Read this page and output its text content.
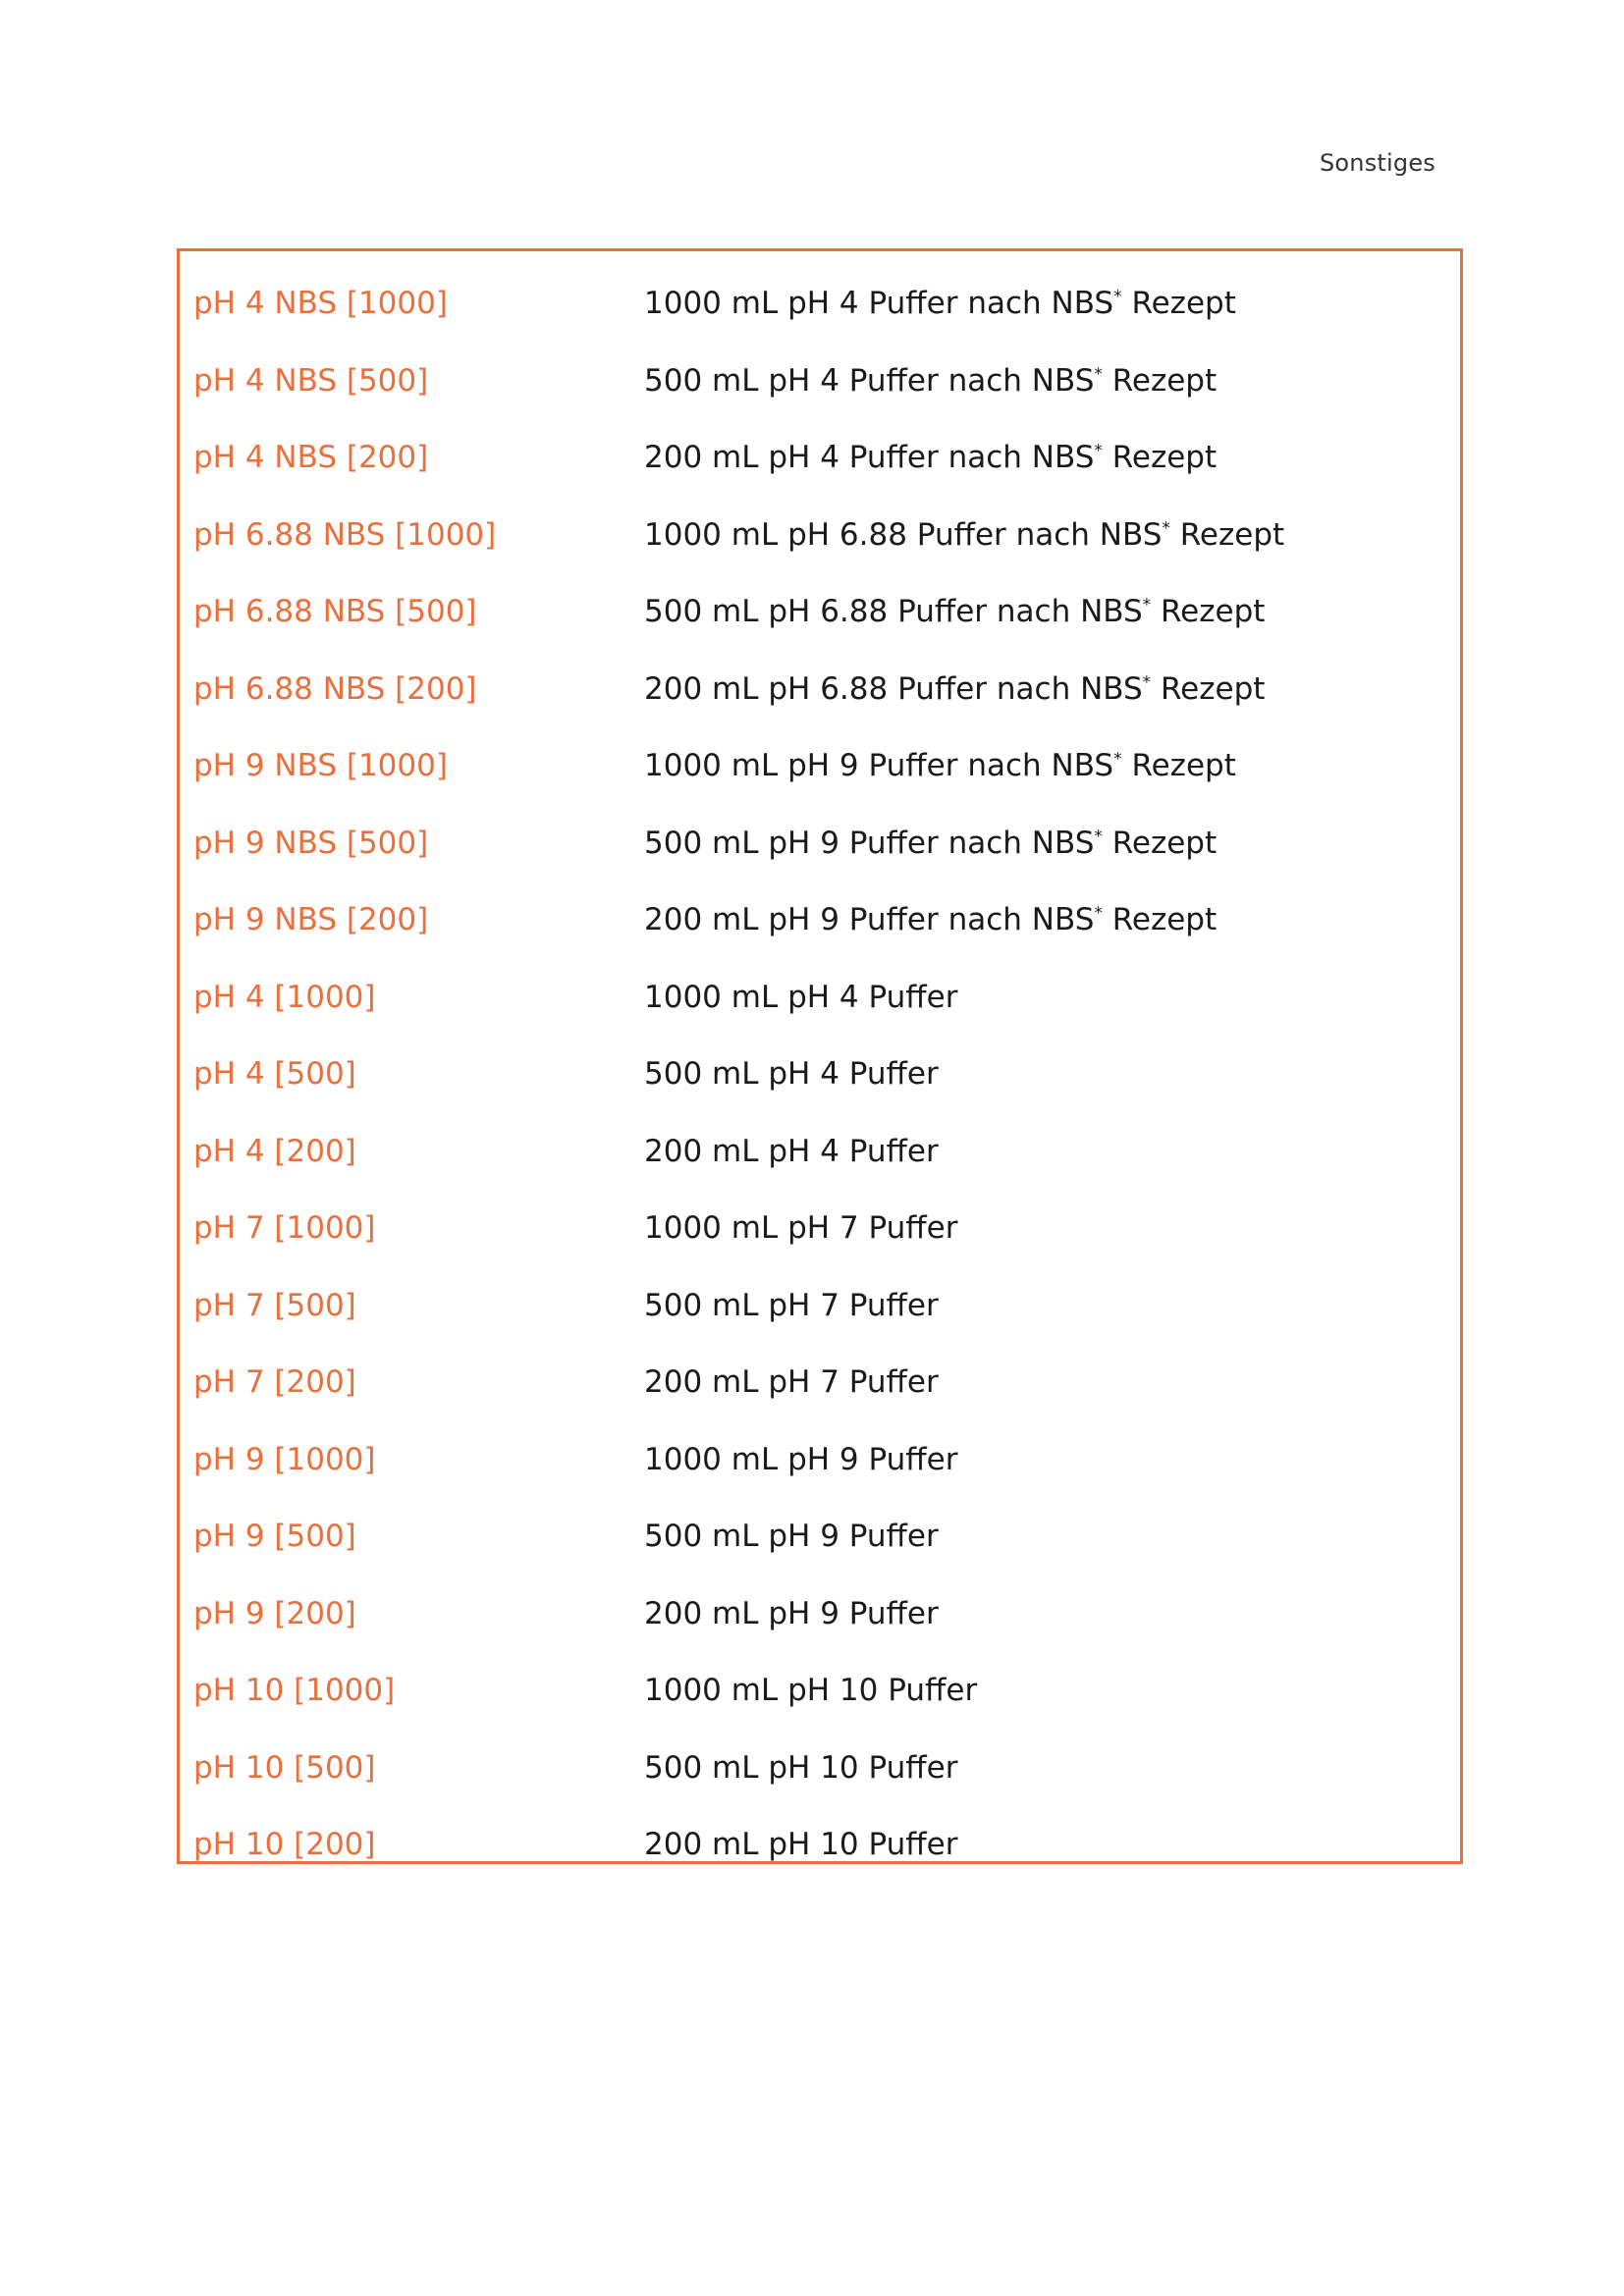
Sonstiges
pH 4 NBS [1000]	1000 mL pH 4 Puffer nach NBS* Rezept
pH 4 NBS [500]	500 mL pH 4 Puffer nach NBS* Rezept
pH 4 NBS [200]	200 mL pH 4 Puffer nach NBS* Rezept
pH 6.88 NBS [1000]	1000 mL pH 6.88 Puffer nach NBS* Rezept
pH 6.88 NBS [500]	500 mL pH 6.88 Puffer nach NBS* Rezept
pH 6.88 NBS [200]	200 mL pH 6.88 Puffer nach NBS* Rezept
pH 9 NBS [1000]	1000 mL pH 9 Puffer nach NBS* Rezept
pH 9 NBS [500]	500 mL pH 9 Puffer nach NBS* Rezept
pH 9 NBS [200]	200 mL pH 9 Puffer nach NBS* Rezept
pH 4 [1000]	1000 mL pH 4 Puffer
pH 4 [500]	500 mL pH 4 Puffer
pH 4 [200]	200 mL pH 4 Puffer
pH 7 [1000]	1000 mL pH 7 Puffer
pH 7 [500]	500 mL pH 7 Puffer
pH 7 [200]	200 mL pH 7 Puffer
pH 9 [1000]	1000 mL pH 9 Puffer
pH 9 [500]	500 mL pH 9 Puffer
pH 9 [200]	200 mL pH 9 Puffer
pH 10 [1000]	1000 mL pH 10 Puffer
pH 10 [500]	500 mL pH 10 Puffer
pH 10 [200]	200 mL pH 10 Puffer
